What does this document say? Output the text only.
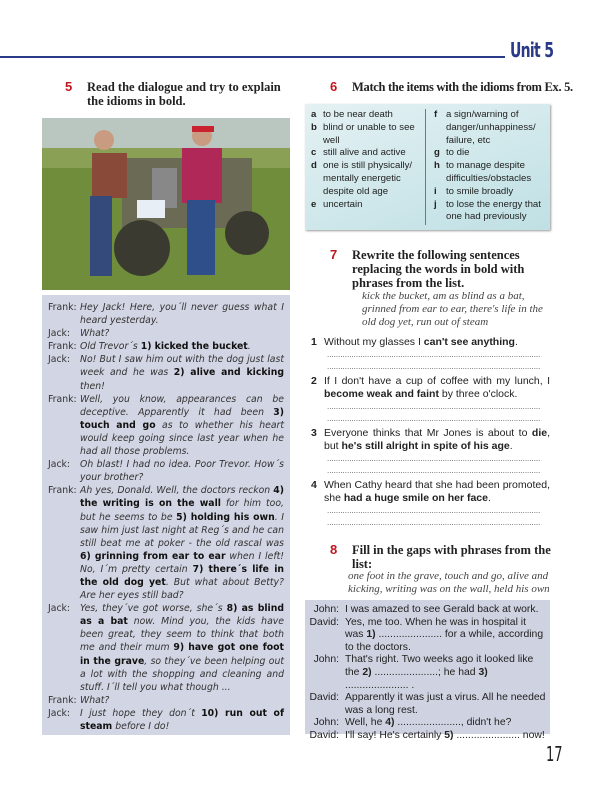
Unit 5
5	Read the dialogue and try to explain the idioms in bold.
Frank: Hey Jack! Here, you´ll never guess what I heard yesterday.
Jack:	What?
Frank: Old Trevor´s 1) kicked the bucket.
Jack:	No! But I saw him out with the dog just last week and he was 2) alive and kicking then!
Frank: Well, you know, appearances can be deceptive. Apparently it had been 3) touch and go as to whether his heart would keep going since last year when he had all those problems.
Jack:	Oh blast! I had no idea. Poor Trevor. How´s your brother?
Frank: Ah yes, Donald. Well, the doctors reckon 4) the writing is on the wall for him too, but he seems to be 5) holding his own. I saw him just last night at Reg´s and he can still beat me at poker - the old rascal was 6) grinning from ear to ear when I left! No, I´m pretty certain 7) there´s life in the old dog yet. But what about Betty? Are her eyes still bad?
Jack:	Yes, they´ve got worse, she´s 8) as blind as a bat now. Mind you, the kids have been great, they seem to think that both me and their mum 9) have got one foot in the grave, so they´ve been helping out a lot with the shopping and cleaning and stuff. I´ll tell you what though ...
Frank: What?
Jack:	I just hope they don´t 10) run out of steam before I do!
6	Match the items with the idioms from Ex. 5.
a to be near death
b blind or unable to see well
c still alive and active
d one is still physically/ mentally energetic despite old age
e uncertain
f a sign/warning of danger/unhappiness/ failure, etc
g to die
h to manage despite difficulties/obstacles
i to smile broadly
j to lose the energy that one had previously
7	Rewrite the following sentences replacing the words in bold with phrases from the list.
kick the bucket, am as blind as a bat, grinned from ear to ear, there's life in the old dog yet, run out of steam
1 Without my glasses I can't see anything.
................................................................................................
................................................................................................
2 If I don't have a cup of coffee with my lunch, I become weak and faint by three o'clock.
................................................................................................
................................................................................................
3 Everyone thinks that Mr Jones is about to die, but he's still alright in spite of his age.
................................................................................................
................................................................................................
4 When Cathy heard that she had been promoted, she had a huge smile on her face.
................................................................................................
................................................................................................
8	Fill in the gaps with phrases from the list:
one foot in the grave, touch and go, alive and kicking, writing was on the wall, held his own
John: I was amazed to see Gerald back at work.
David: Yes, me too. When he was in hospital it was 1) ...................... for a while, according to the doctors.
John: That's right. Two weeks ago it looked like the 2) ......................; he had 3) ...................... .
David: Apparently it was just a virus. All he needed was a long rest.
John: Well, he 4) ......................, didn't he?
David: I'll say! He's certainly 5) ...................... now!
17
